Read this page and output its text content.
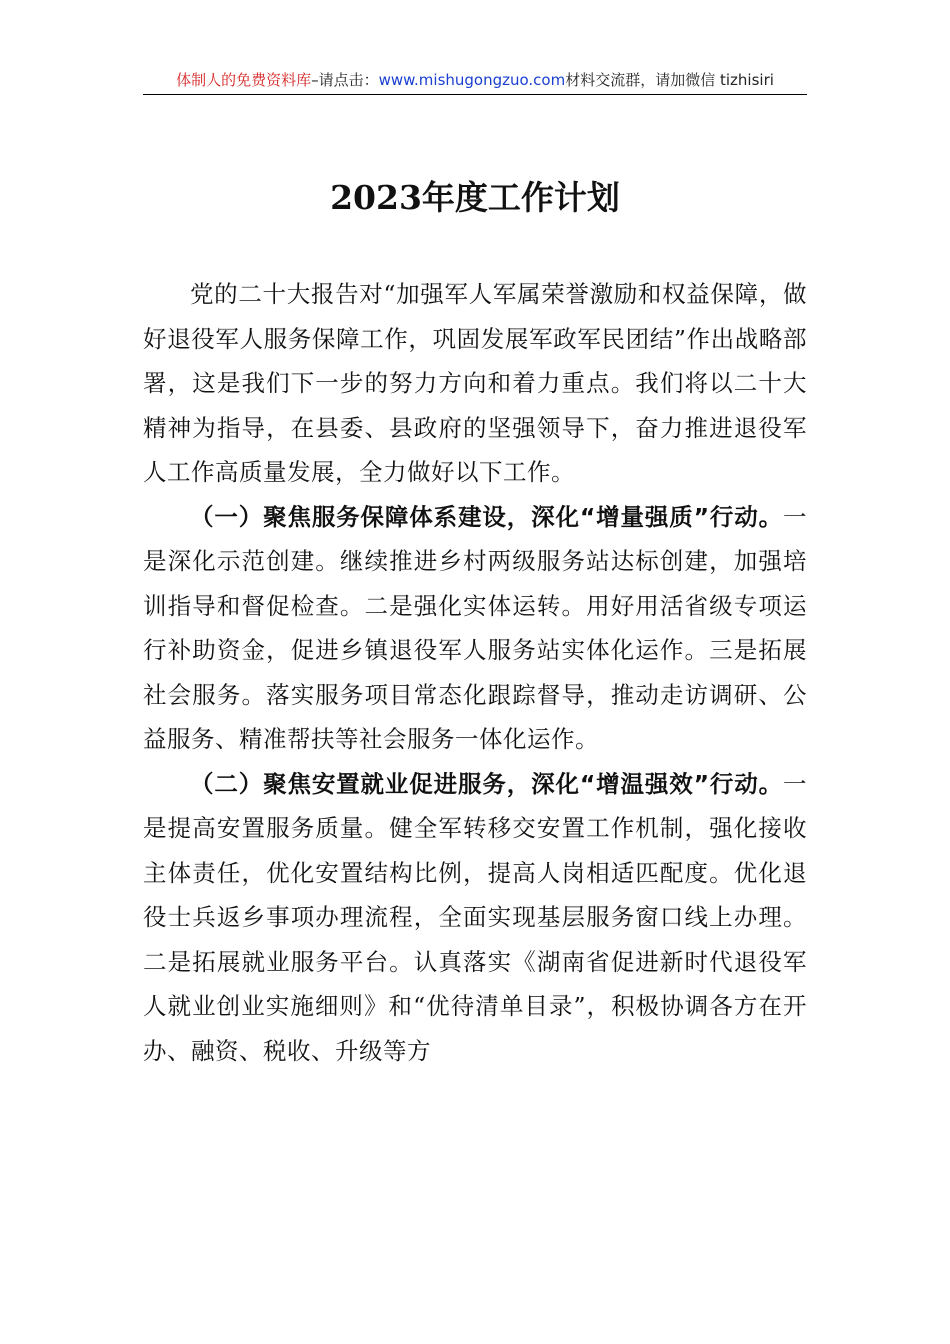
体制人的免费资料库–请点击：www.mishugongzuo.com材料交流群，请加微信 tizhisiri
2023年度工作计划

党的二十大报告对“加强军人军属荣誉激励和权益保障，做好退役军人服务保障工作，巩固发展军政军民团结”作出战略部署，这是我们下一步的努力方向和着力重点。我们将以二十大精神为指导，在县委、县政府的坚强领导下，奋力推进退役军人工作高质量发展，全力做好以下工作。

（一）聚焦服务保障体系建设，深化“增量强质”行动。一是深化示范创建。继续推进乡村两级服务站达标创建，加强培训指导和督促检查。二是强化实体运转。用好用活省级专项运行补助资金，促进乡镇退役军人服务站实体化运作。三是拓展社会服务。落实服务项目常态化跟踪督导，推动走访调研、公益服务、精准帮扶等社会服务一体化运作。

（二）聚焦安置就业促进服务，深化“增温强效”行动。一是提高安置服务质量。健全军转移交安置工作机制，强化接收主体责任，优化安置结构比例，提高人岗相适匹配度。优化退役士兵返乡事项办理流程，全面实现基层服务窗口线上办理。二是拓展就业服务平台。认真落实《湖南省促进新时代退役军人就业创业实施细则》和“优待清单目录”，积极协调各方在开办、融资、税收、升级等方
